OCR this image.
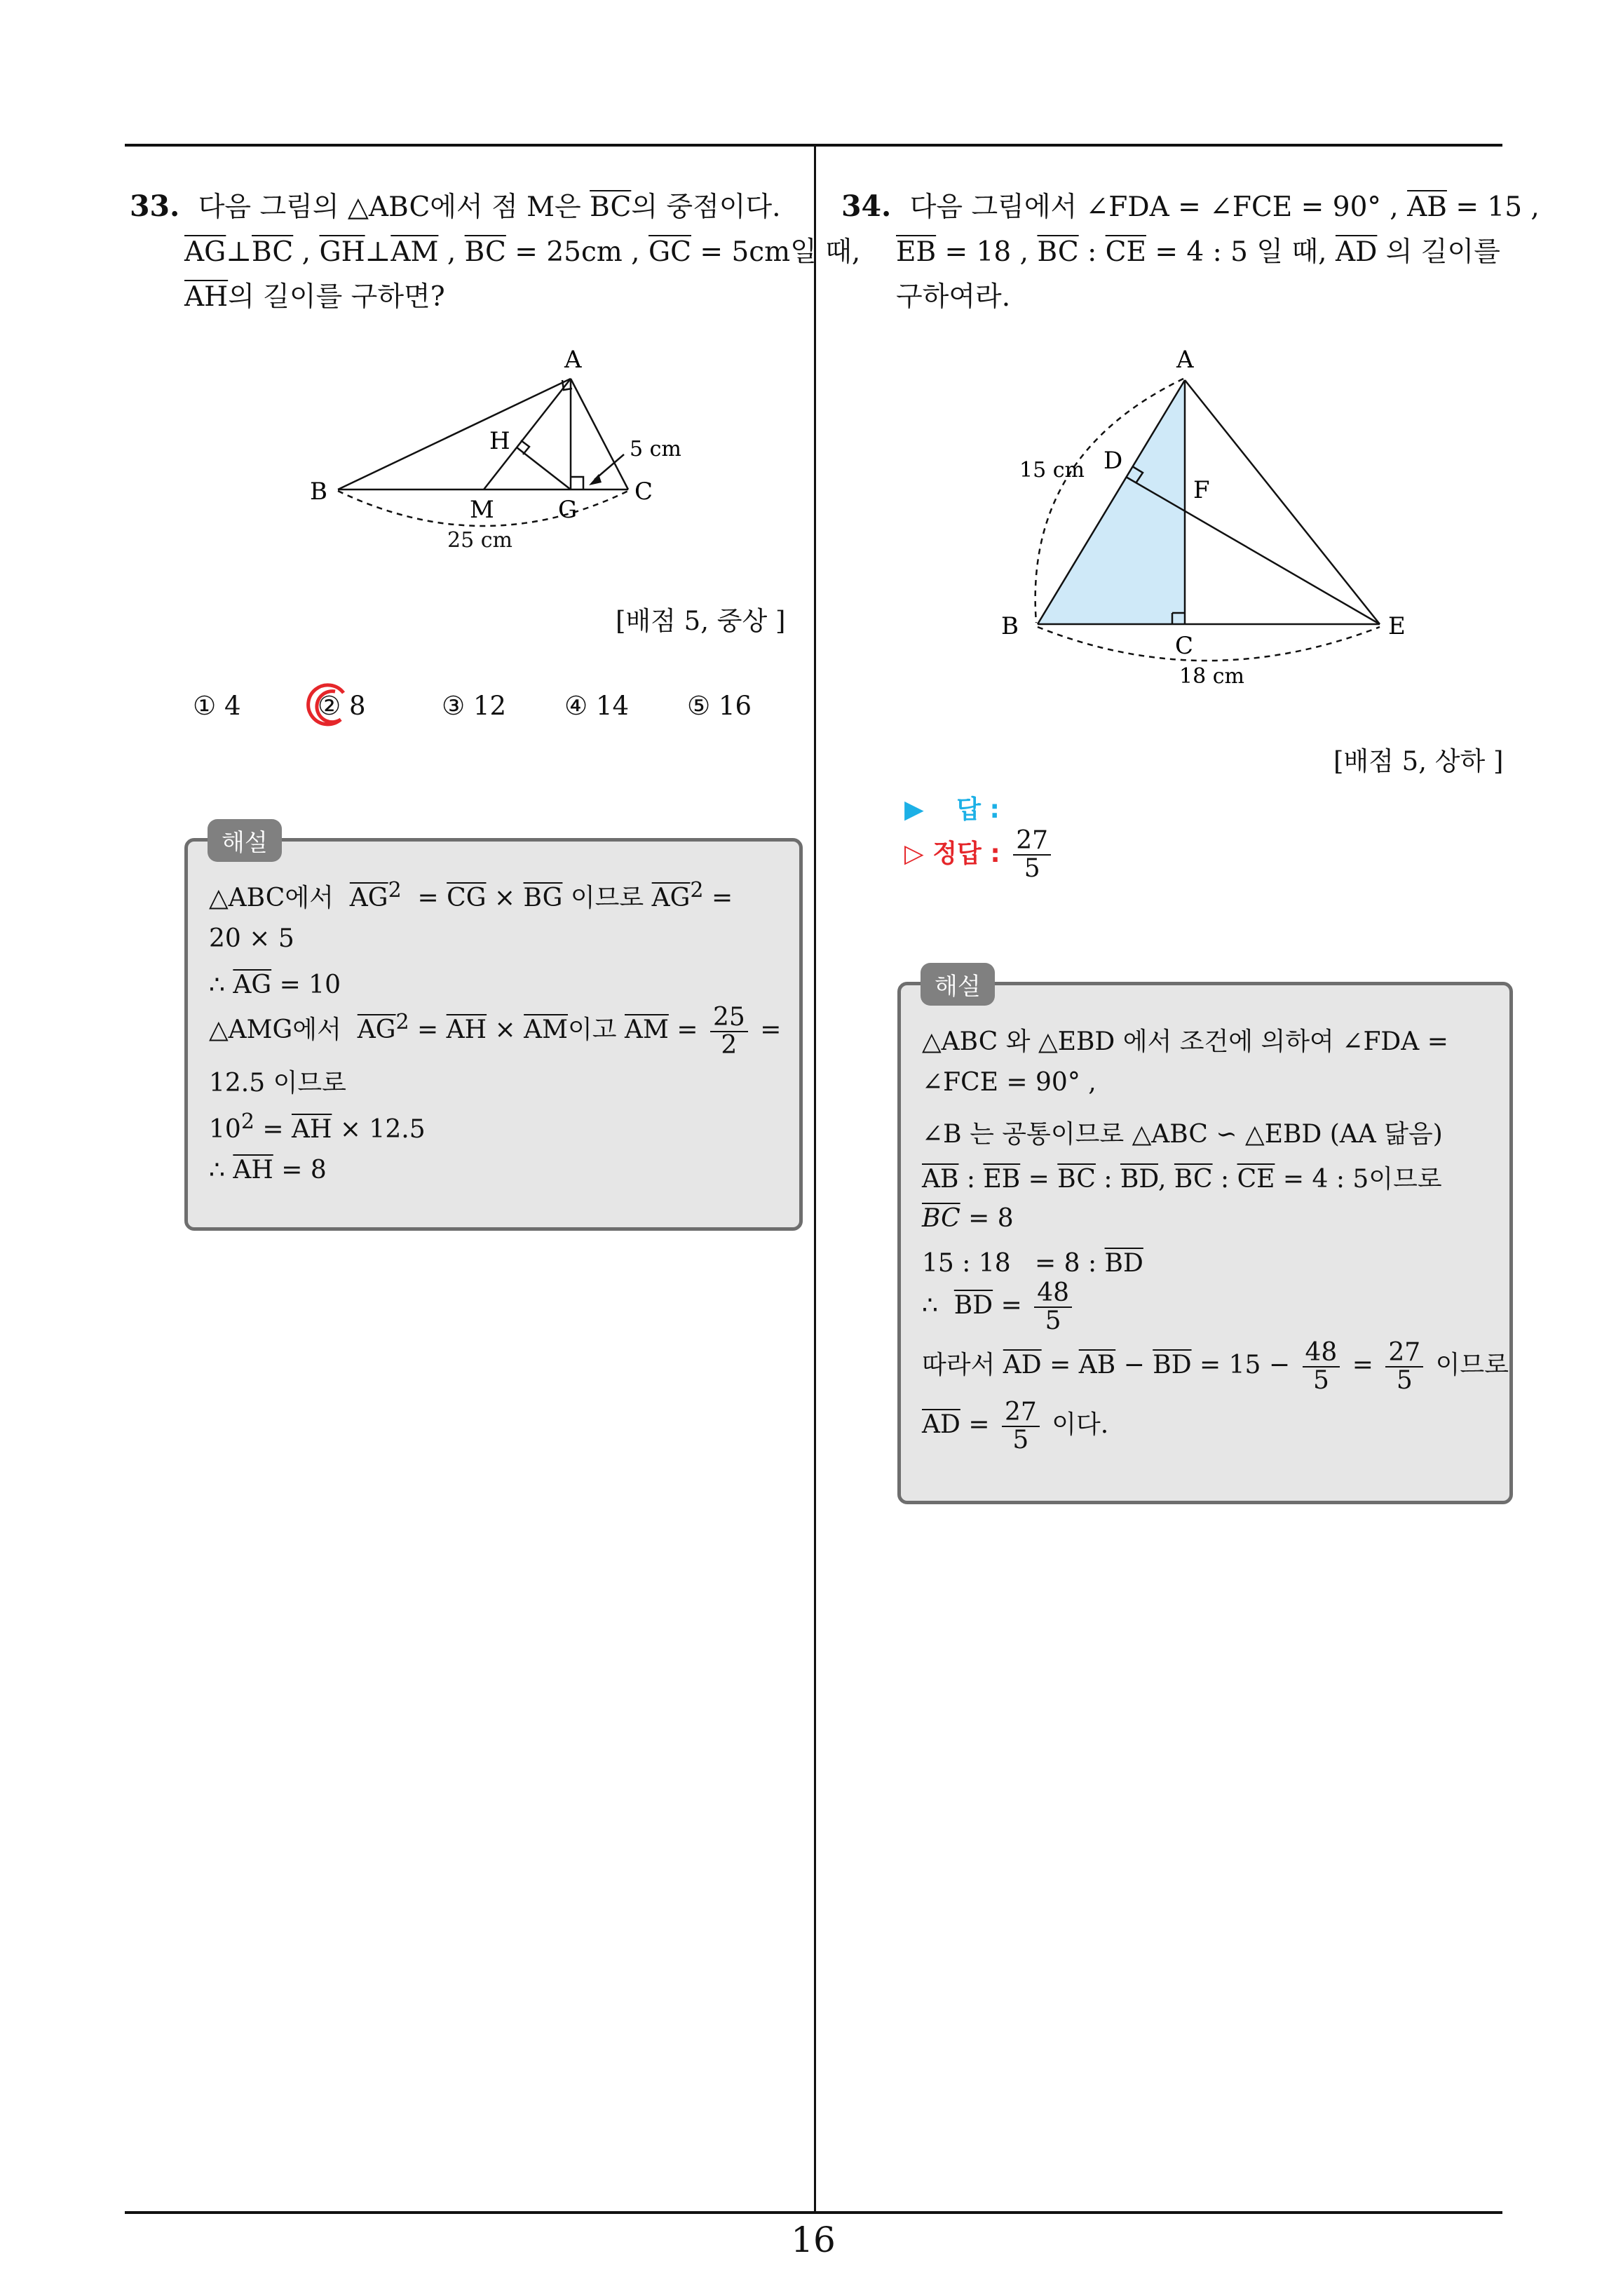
33. 다음 그림의 △ABC에서 점 M은 $\overline{BC}$의 중점이다.
$\overline{AG}\perp\overline{BC}$ , $\overline{GH}\perp\overline{AM}$ , $\overline{BC} = 25cm$ , $\overline{GC} = 5cm$일 때,
$\overline{AH}$의 길이를 구하면?
A
B	C
H
M	G
5 cm
25 cm
[배점 5, 중상 ]
① 4	② 8	③ 12 ④ 14 ⑤ 16
해설
△ABC에서 $\overline{AG}^2 = \overline{CG} \times \overline{BG}$ 이므로 $\overline{AG}^2$ =
20 × 5
∴ $\overline{AG} = 10$
△AMG에서 $\overline{AG}^2 = \overline{AH} \times \overline{AM}$이고 $\overline{AM} = \frac{25}{2}$ =
12.5 이므로
$10^2 = \overline{AH} \times 12.5$
∴ $\overline{AH} = 8$
34. 다음 그림에서 ∠FDA = ∠FCE = 90° , $\overline{AB} = 15$ ,
$\overline{EB} = 18$ , $\overline{BC}$ : $\overline{CE} = 4$ : 5 일 때, $\overline{AD}$ 의 길이를
구하여라.
A
B
C
D
E
F
15 cm
18 cm
[배점 5, 상하 ]
▶ 답 :
▷ 정답 : $\frac{27}{5}$
해설
△ABC 와 △EBD 에서 조건에 의하여 ∠FDA =
∠FCE = 90° ,
∠B 는 공통이므로 △ABC ∽ △EBD (AA 닮음)
$\overline{AB}$ : $\overline{EB} = \overline{BC}$ : $\overline{BD}$, $\overline{BC}$ : $\overline{CE} = 4$ : 5이므로
$\overline{BC} = 8$
15 : 18 = 8 : $\overline{BD}$
∴ $\overline{BD} = \frac{48}{5}$
따라서 $\overline{AD} = \overline{AB} - \overline{BD} = 15 - \frac{48}{5} = \frac{27}{5}$ 이므로
$\overline{AD} = \frac{27}{5}$ 이다.
16
